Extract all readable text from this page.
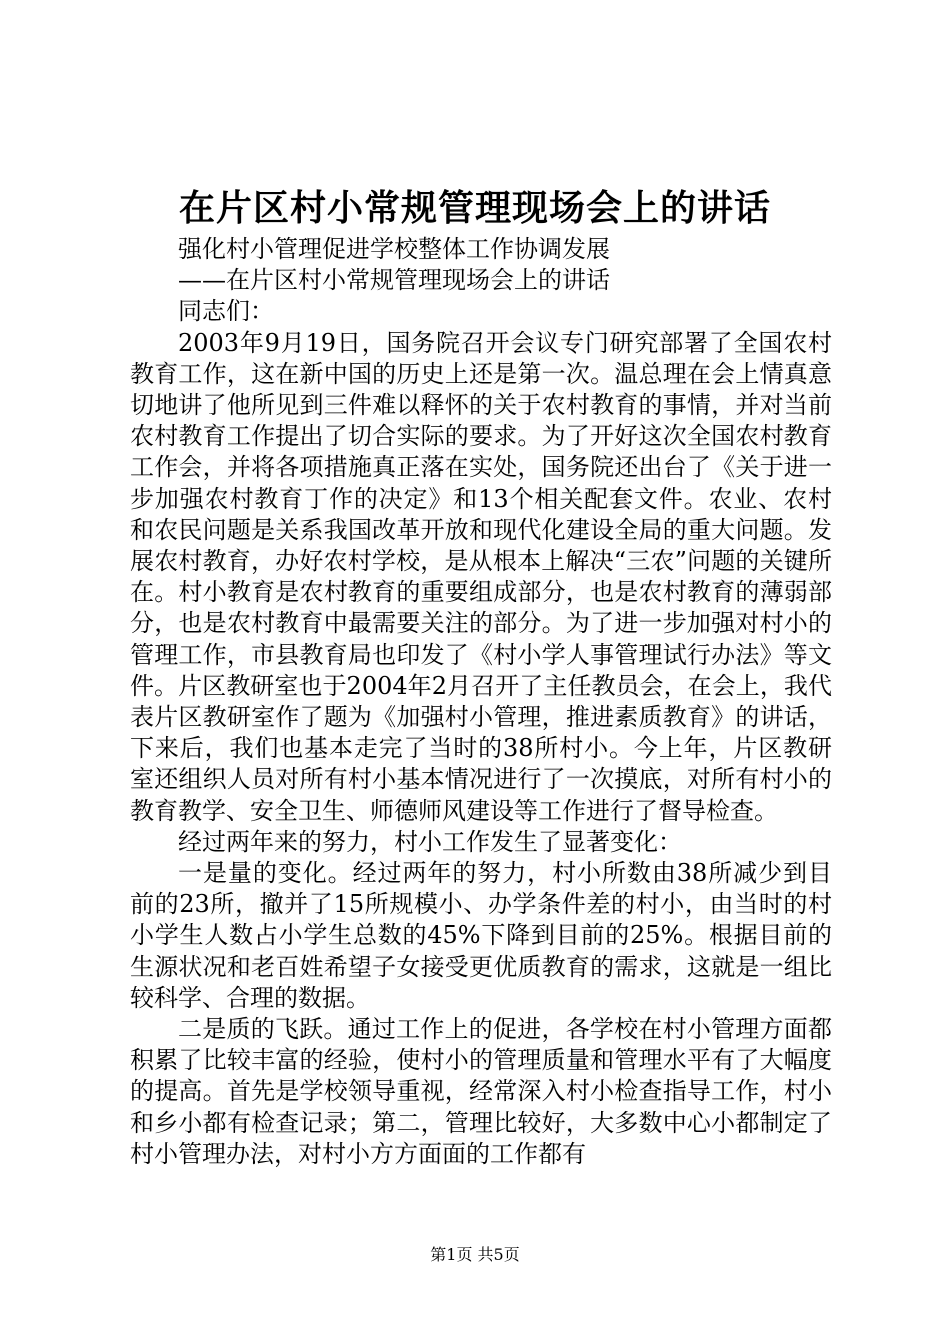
在片区村小常规管理现场会上的讲话

强化村小管理促进学校整体工作协调发展

——在片区村小常规管理现场会上的讲话

同志们：

2003年9月19日，国务院召开会议专门研究部署了全国农村教育工作，这在新中国的历史上还是第一次。温总理在会上情真意切地讲了他所见到三件难以释怀的关于农村教育的事情，并对当前农村教育工作提出了切合实际的要求。为了开好这次全国农村教育工作会，并将各项措施真正落在实处，国务院还出台了《关于进一步加强农村教育丁作的决定》和13个相关配套文件。农业、农村和农民问题是关系我国改革开放和现代化建设全局的重大问题。发展农村教育，办好农村学校，是从根本上解决“三农”问题的关键所在。村小教育是农村教育的重要组成部分，也是农村教育的薄弱部分，也是农村教育中最需要关注的部分。为了进一步加强对村小的管理工作，市县教育局也印发了《村小学人事管理试行办法》等文件。片区教研室也于2004年2月召开了主任教员会，在会上，我代表片区教研室作了题为《加强村小管理，推进素质教育》的讲话，下来后，我们也基本走完了当时的38所村小。今上年，片区教研室还组织人员对所有村小基本情况进行了一次摸底，对所有村小的教育教学、安全卫生、师德师风建设等工作进行了督导检查。

经过两年来的努力，村小工作发生了显著变化：

一是量的变化。经过两年的努力，村小所数由38所减少到目前的23所，撤并了15所规模小、办学条件差的村小，由当时的村小学生人数占小学生总数的45%下降到目前的25%。根据目前的生源状况和老百姓希望子女接受更优质教育的需求，这就是一组比较科学、合理的数据。

二是质的飞跃。通过工作上的促进，各学校在村小管理方面都积累了比较丰富的经验，使村小的管理质量和管理水平有了大幅度的提高。首先是学校领导重视，经常深入村小检查指导工作，村小和乡小都有检查记录；第二，管理比较好，大多数中心小都制定了村小管理办法，对村小方方面面的工作都有

第1页 共5页
